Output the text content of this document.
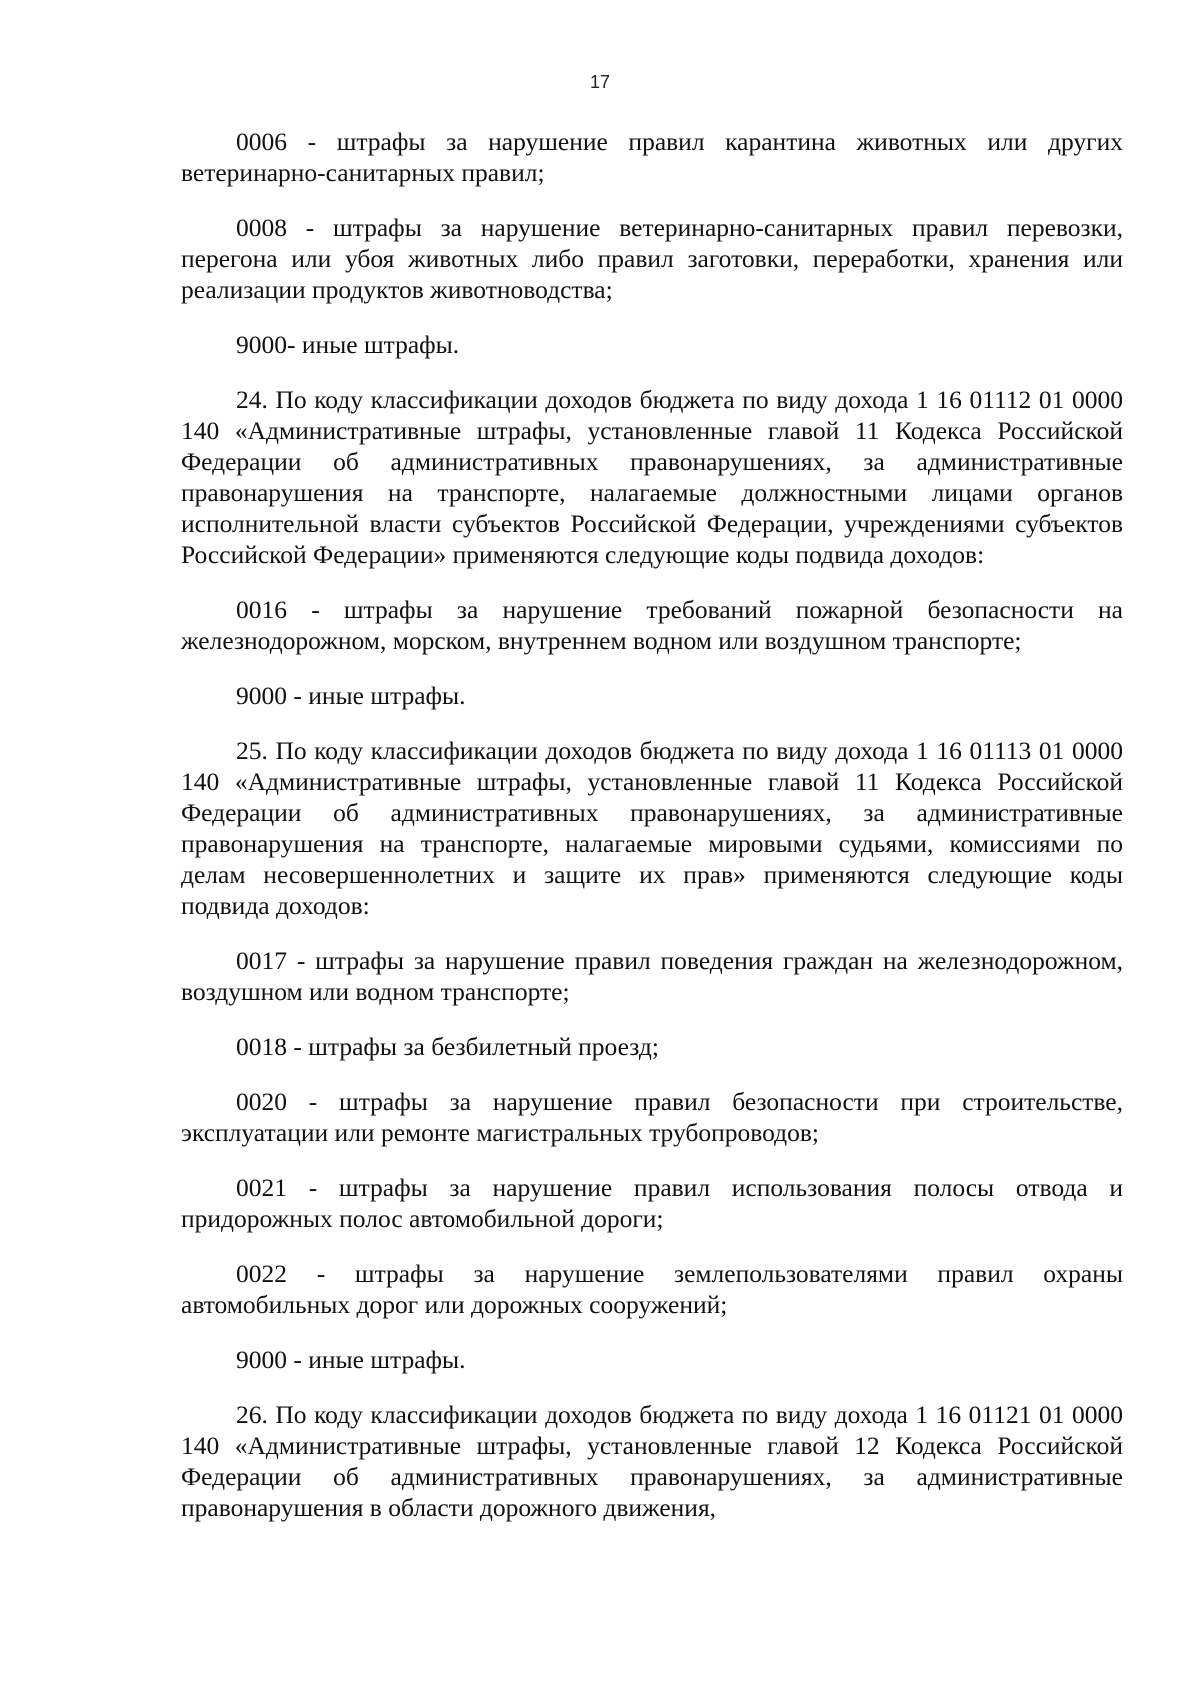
17

0006 - штрафы за нарушение правил карантина животных или других ветеринарно-санитарных правил;

0008 - штрафы за нарушение ветеринарно-санитарных правил перевозки, перегона или убоя животных либо правил заготовки, переработки, хранения или реализации продуктов животноводства;

9000- иные штрафы.

24. По коду классификации доходов бюджета по виду дохода 1 16 01112 01 0000 140 «Административные штрафы, установленные главой 11 Кодекса Российской Федерации об административных правонарушениях, за административные правонарушения на транспорте, налагаемые должностными лицами органов исполнительной власти субъектов Российской Федерации, учреждениями субъектов Российской Федерации» применяются следующие коды подвида доходов:

0016 - штрафы за нарушение требований пожарной безопасности на железнодорожном, морском, внутреннем водном или воздушном транспорте;

9000 - иные штрафы.

25. По коду классификации доходов бюджета по виду дохода 1 16 01113 01 0000 140 «Административные штрафы, установленные главой 11 Кодекса Российской Федерации об административных правонарушениях, за административные правонарушения на транспорте, налагаемые мировыми судьями, комиссиями по делам несовершеннолетних и защите их прав» применяются следующие коды подвида доходов:

0017 - штрафы за нарушение правил поведения граждан на железнодорожном, воздушном или водном транспорте;

0018 - штрафы за безбилетный проезд;

0020 - штрафы за нарушение правил безопасности при строительстве, эксплуатации или ремонте магистральных трубопроводов;

0021 - штрафы за нарушение правил использования полосы отвода и придорожных полос автомобильной дороги;

0022 - штрафы за нарушение землепользователями правил охраны автомобильных дорог или дорожных сооружений;

9000 - иные штрафы.

26. По коду классификации доходов бюджета по виду дохода 1 16 01121 01 0000 140 «Административные штрафы, установленные главой 12 Кодекса Российской Федерации об административных правонарушениях, за административные правонарушения в области дорожного движения,
